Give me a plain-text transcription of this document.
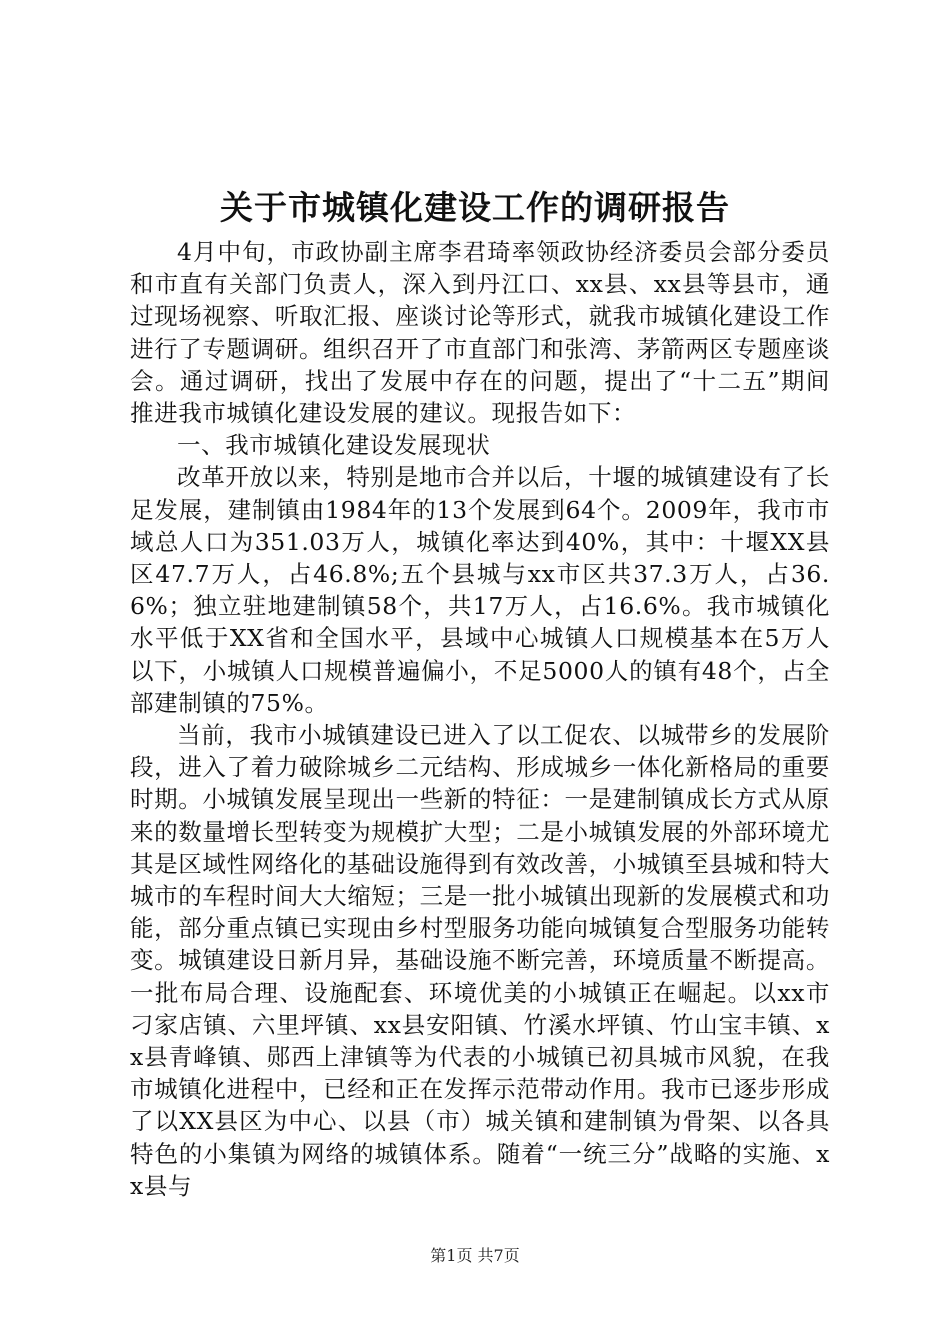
关于市城镇化建设工作的调研报告

4月中旬，市政协副主席李君琦率领政协经济委员会部分委员和市直有关部门负责人，深入到丹江口、xx县、xx县等县市，通过现场视察、听取汇报、座谈讨论等形式，就我市城镇化建设工作进行了专题调研。组织召开了市直部门和张湾、茅箭两区专题座谈会。通过调研，找出了发展中存在的问题，提出了“十二五”期间推进我市城镇化建设发展的建议。现报告如下：

一、我市城镇化建设发展现状

改革开放以来，特别是地市合并以后，十堰的城镇建设有了长足发展，建制镇由1984年的13个发展到64个。2009年，我市市域总人口为351.03万人，城镇化率达到40%，其中：十堰XX县区47.7万人，占46.8%;五个县城与xx市区共37.3万人，占36.6%；独立驻地建制镇58个，共17万人，占16.6%。我市城镇化水平低于XX省和全国水平，县域中心城镇人口规模基本在5万人以下，小城镇人口规模普遍偏小，不足5000人的镇有48个，占全部建制镇的75%。

当前，我市小城镇建设已进入了以工促农、以城带乡的发展阶段，进入了着力破除城乡二元结构、形成城乡一体化新格局的重要时期。小城镇发展呈现出一些新的特征：一是建制镇成长方式从原来的数量增长型转变为规模扩大型；二是小城镇发展的外部环境尤其是区域性网络化的基础设施得到有效改善，小城镇至县城和特大城市的车程时间大大缩短；三是一批小城镇出现新的发展模式和功能，部分重点镇已实现由乡村型服务功能向城镇复合型服务功能转变。城镇建设日新月异，基础设施不断完善，环境质量不断提高。一批布局合理、设施配套、环境优美的小城镇正在崛起。以xx市刁家店镇、六里坪镇、xx县安阳镇、竹溪水坪镇、竹山宝丰镇、xx县青峰镇、郧西上津镇等为代表的小城镇已初具城市风貌，在我市城镇化进程中，已经和正在发挥示范带动作用。我市已逐步形成了以XX县区为中心、以县（市）城关镇和建制镇为骨架、以各具特色的小集镇为网络的城镇体系。随着“一统三分”战略的实施、xx县与

第1页 共7页
